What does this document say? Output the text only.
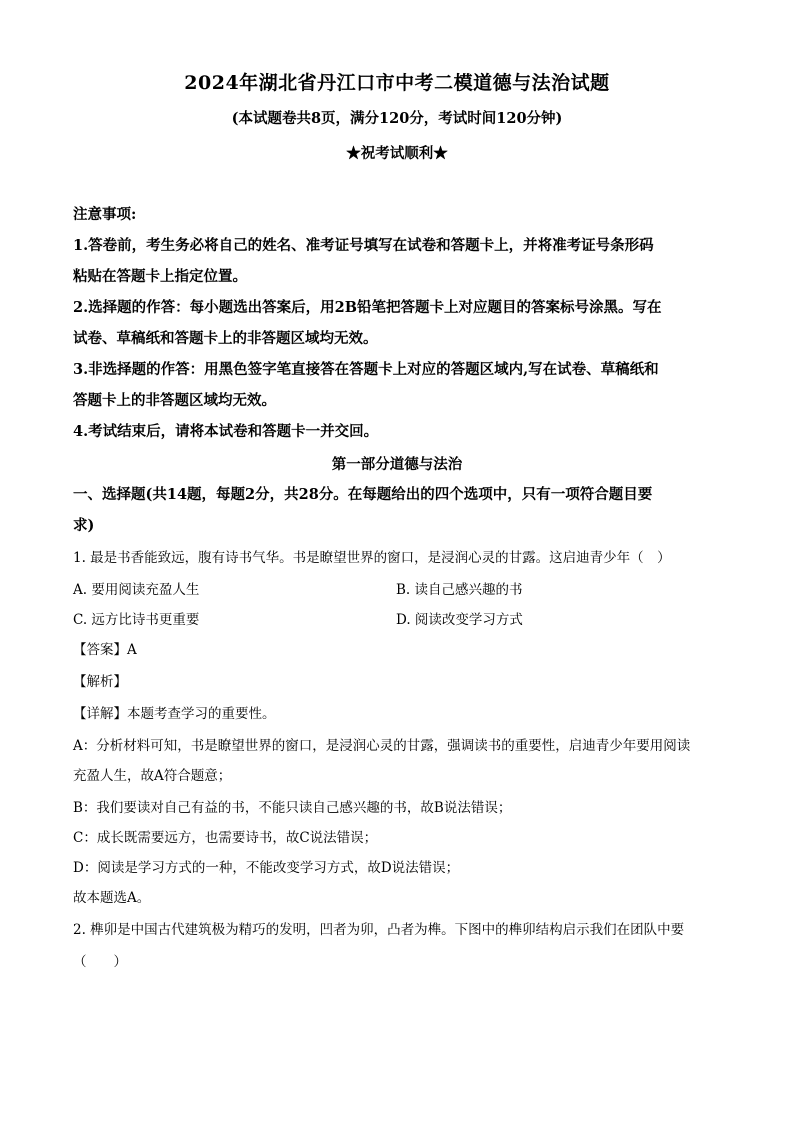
2024年湖北省丹江口市中考二模道德与法治试题
(本试题卷共8页，满分120分，考试时间120分钟)
★祝考试顺利★
注意事项:
1.答卷前，考生务必将自己的姓名、准考证号填写在试卷和答题卡上，并将准考证号条形码
粘贴在答题卡上指定位置。
2.选择题的作答：每小题选出答案后，用2B铅笔把答题卡上对应题目的答案标号涂黑。写在
试卷、草稿纸和答题卡上的非答题区域均无效。
3.非选择题的作答：用黑色签字笔直接答在答题卡上对应的答题区域内,写在试卷、草稿纸和
答题卡上的非答题区域均无效。
4.考试结束后，请将本试卷和答题卡一并交回。
第一部分道德与法治
一、选择题(共14题，每题2分，共28分。在每题给出的四个选项中，只有一项符合题目要
求)
1. 最是书香能致远，腹有诗书气华。书是瞭望世界的窗口，是浸润心灵的甘露。这启迪青少年（　）
A. 要用阅读充盈人生	B. 读自己感兴趣的书
C. 远方比诗书更重要	D. 阅读改变学习方式
【答案】A
【解析】
【详解】本题考查学习的重要性。
A：分析材料可知，书是瞭望世界的窗口，是浸润心灵的甘露，强调读书的重要性，启迪青少年要用阅读
充盈人生，故A符合题意；
B：我们要读对自己有益的书，不能只读自己感兴趣的书，故B说法错误；
C：成长既需要远方，也需要诗书，故C说法错误；
D：阅读是学习方式的一种，不能改变学习方式，故D说法错误；
故本题选A。
2. 榫卯是中国古代建筑极为精巧的发明，凹者为卯，凸者为榫。下图中的榫卯结构启示我们在团队中要
（　　）
